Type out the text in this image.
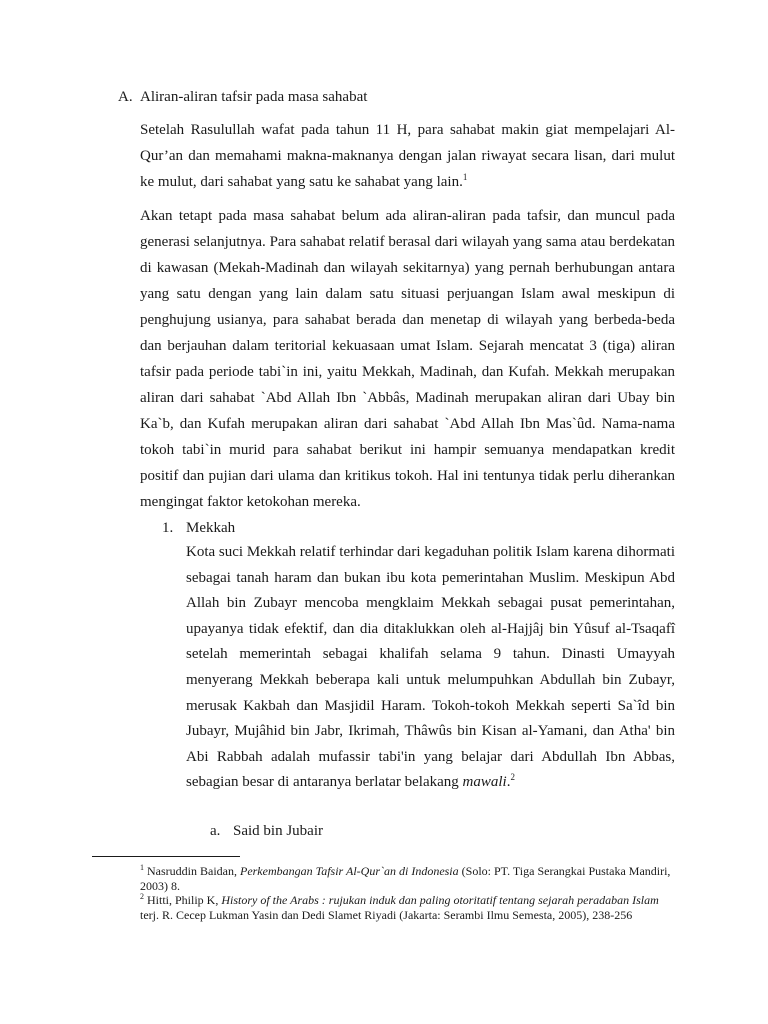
A. Aliran-aliran tafsir pada masa sahabat

Setelah Rasulullah wafat pada tahun 11 H, para sahabat makin giat mempelajari Al-Qur’an dan memahami makna-maknanya dengan jalan riwayat secara lisan, dari mulut ke mulut, dari sahabat yang satu ke sahabat yang lain.$^1$

Akan tetapt pada masa sahabat belum ada aliran-aliran pada tafsir, dan muncul pada generasi selanjutnya. Para sahabat relatif berasal dari wilayah yang sama atau berdekatan di kawasan (Mekah-Madinah dan wilayah sekitarnya) yang pernah berhubungan antara yang satu dengan yang lain dalam satu situasi perjuangan Islam awal meskipun di penghujung usianya, para sahabat berada dan menetap di wilayah yang berbeda-beda dan berjauhan dalam teritorial kekuasaan umat Islam. Sejarah mencatat 3 (tiga) aliran tafsir pada periode tabi`in ini, yaitu Mekkah, Madinah, dan Kufah. Mekkah merupakan aliran dari sahabat `Abd Allah Ibn `Abbâs, Madinah merupakan aliran dari Ubay bin Ka`b, dan Kufah merupakan aliran dari sahabat `Abd Allah Ibn Mas`ûd. Nama-nama tokoh tabi`in murid para sahabat berikut ini hampir semuanya mendapatkan kredit positif dan pujian dari ulama dan kritikus tokoh. Hal ini tentunya tidak perlu diherankan mengingat faktor ketokohan mereka.

1. Mekkah

Kota suci Mekkah relatif terhindar dari kegaduhan politik Islam karena dihormati sebagai tanah haram dan bukan ibu kota pemerintahan Muslim. Meskipun Abd Allah bin Zubayr mencoba mengklaim Mekkah sebagai pusat pemerintahan, upayanya tidak efektif, dan dia ditaklukkan oleh al-Hajjâj bin Yûsuf al-Tsaqafî setelah memerintah sebagai khalifah selama 9 tahun. Dinasti Umayyah menyerang Mekkah beberapa kali untuk melumpuhkan Abdullah bin Zubayr, merusak Kakbah dan Masjidil Haram. Tokoh-tokoh Mekkah seperti Sa`îd bin Jubayr, Mujâhid bin Jabr, Ikrimah, Thâwûs bin Kisan al-Yamani, dan Atha' bin Abi Rabbah adalah mufassir tabi'in yang belajar dari Abdullah Ibn Abbas, sebagian besar di antaranya berlatar belakang mawali.$^2$

a. Said bin Jubair

$^1$ Nasruddin Baidan, Perkembangan Tafsir Al-Qur`an di Indonesia (Solo: PT. Tiga Serangkai Pustaka Mandiri, 2003) 8.

$^2$ Hitti, Philip K, History of the Arabs : rujukan induk dan paling otoritatif tentang sejarah peradaban Islam terj. R. Cecep Lukman Yasin dan Dedi Slamet Riyadi (Jakarta: Serambi Ilmu Semesta, 2005), 238-256
